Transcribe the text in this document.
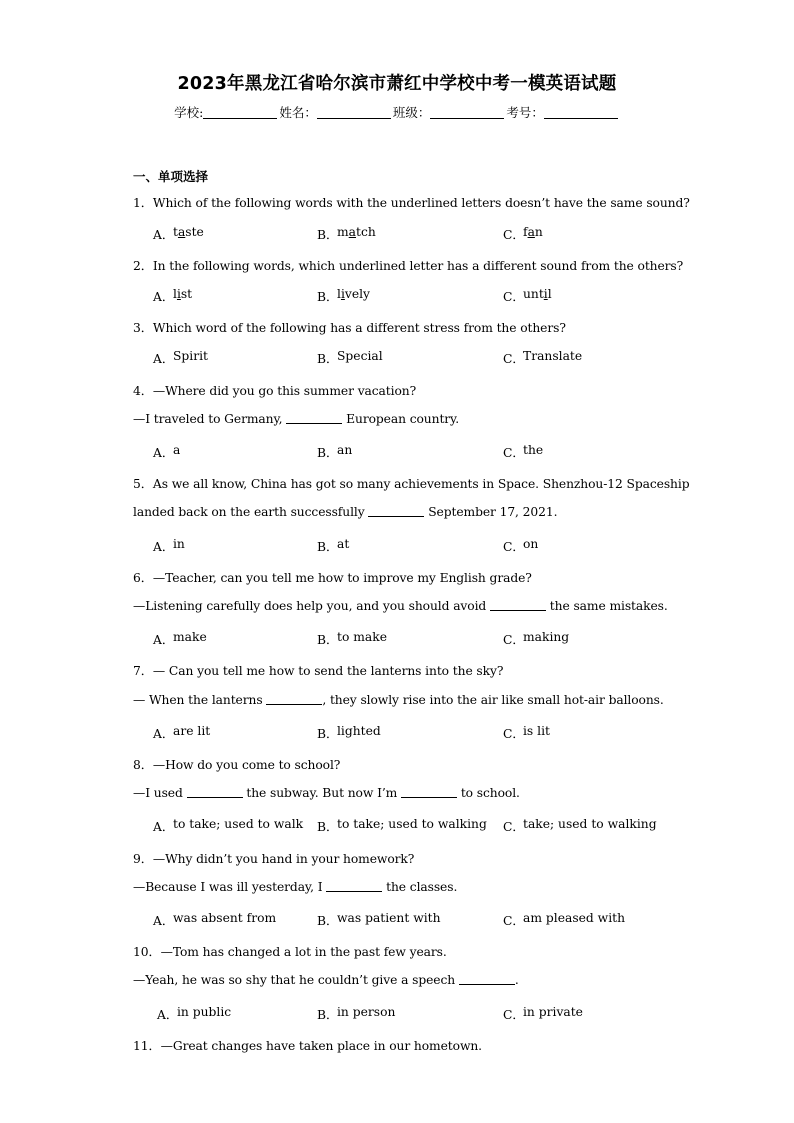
2023年黑龙江省哈尔滨市萧红中学校中考一模英语试题
学校:	姓名：	班级：	考号：
一、单项选择
1．Which of the following words with the underlined letters doesn’t have the same sound?
A．
taste	B．
match	C．
fan
2．In the following words, which underlined letter has a different sound from the others?
A．
list	B．
lively	C．
until
3．Which word of the following has a different stress from the others?
A．
Spirit	B．
Special	C．
Translate
4．—Where did you go this summer vacation?
—I traveled to Germany,	European country.
A．
a	B．
an	C．
the
5．As we all know, China has got so many achievements in Space. Shenzhou-12 Spaceship
landed back on the earth successfully	September 17, 2021.
A．
in	B．
at	C．
on
6．—Teacher, can you tell me how to improve my English grade?
—Listening carefully does help you, and you should avoid	the same mistakes.
A．
make	B．
to make	C．
making
7．— Can you tell me how to send the lanterns into the sky?
— When the lanterns	, they slowly rise into the air like small hot-air balloons.
A．
are lit	B．
lighted	C．
is lit
8．—How do you come to school?
—I used	the subway. But now I’m	to school.
A．
to take; used to walk B．
to take; used to walking C．
take; used to walking
9．—Why didn’t you hand in your homework?
—Because I was ill yesterday, I	the classes.
A．
was absent from	B．
was patient with	C．
am pleased with
10．—Tom has changed a lot in the past few years.
—Yeah, he was so shy that he couldn’t give a speech	.
A．
in public	B．
in person	C．
in private
11．—Great changes have taken place in our hometown.
